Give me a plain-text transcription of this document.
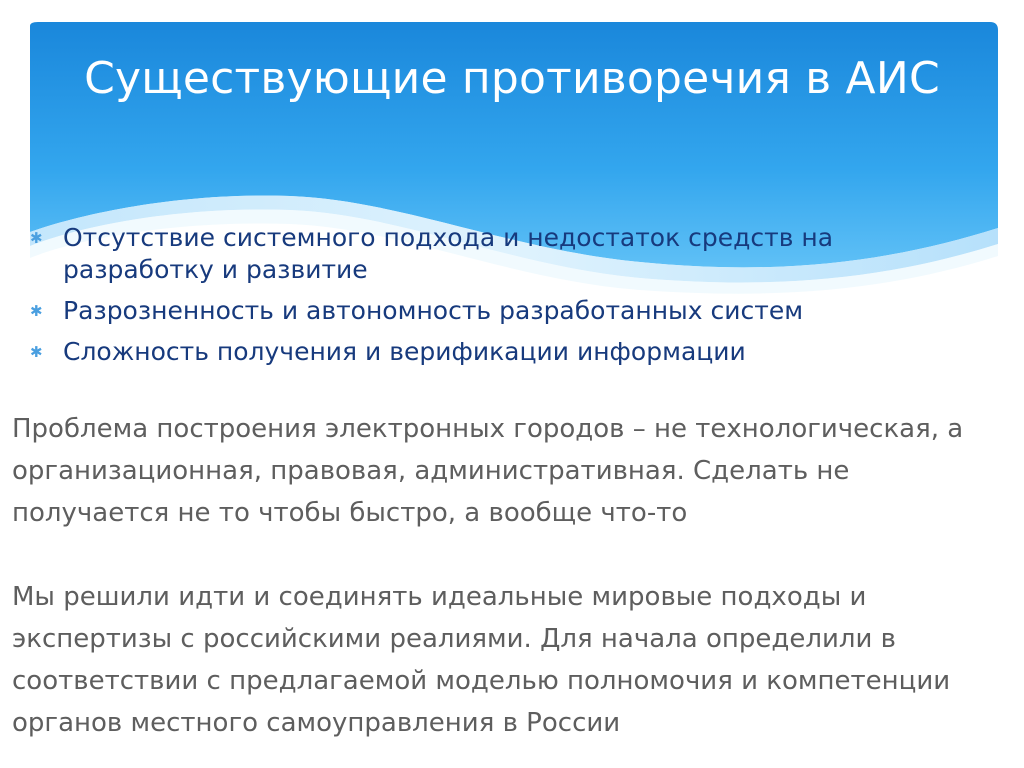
Существующие противоречия в АИС
✱ Отсутствие системного подхода и недостаток средств на разработку и развитие
✱ Разрозненность и автономность разработанных систем
✱ Сложность получения и верификации информации

Проблема построения электронных городов – не технологическая, а организационная, правовая, административная. Сделать не получается не то чтобы быстро, а вообще что-то

Мы решили идти и соединять идеальные мировые подходы и экспертизы с российскими реалиями. Для начала определили в соответствии с предлагаемой моделью полномочия и компетенции органов местного самоуправления в России
